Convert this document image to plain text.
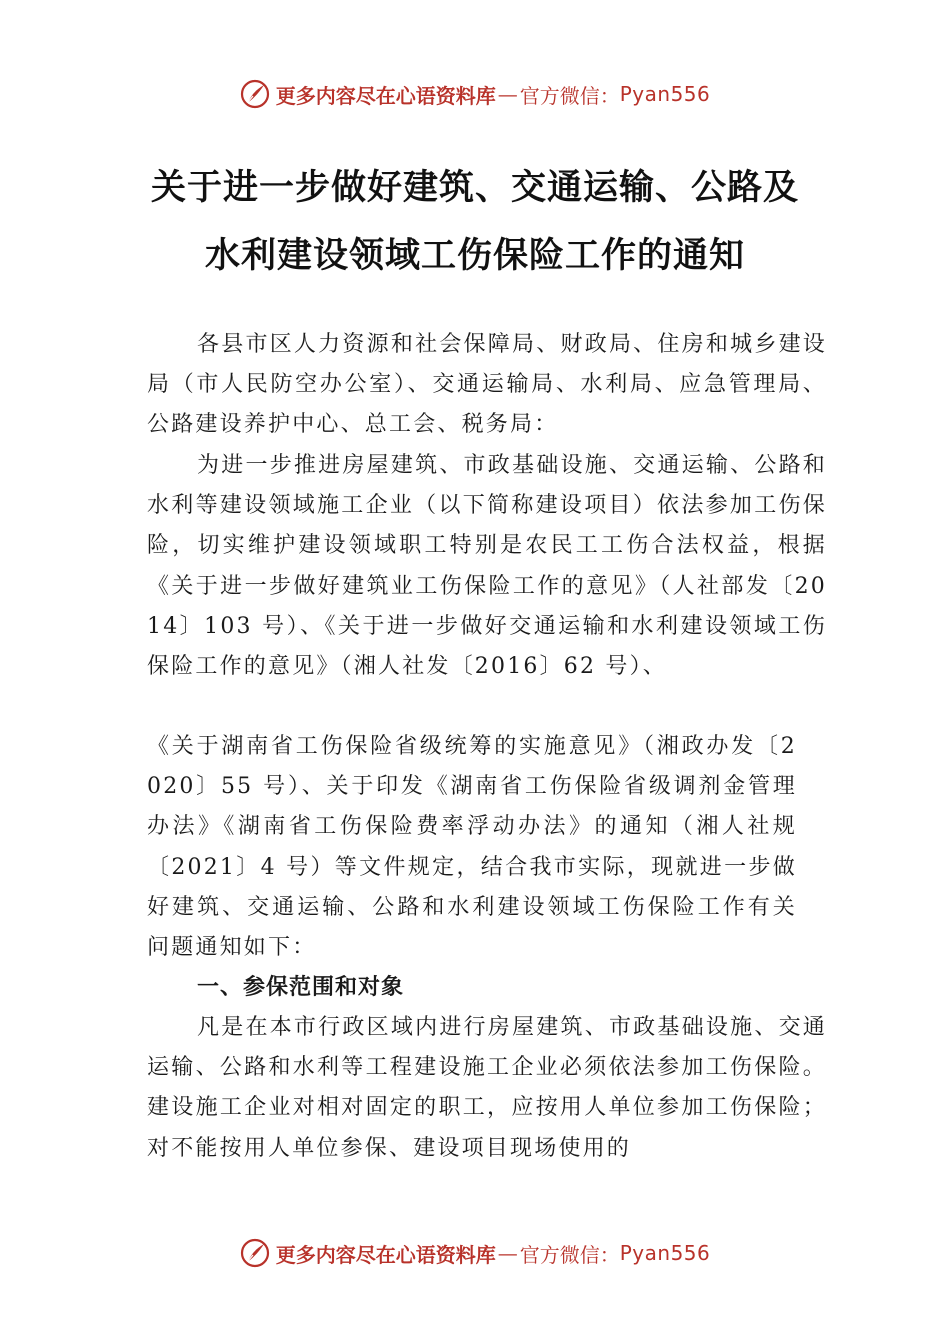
更多内容尽在心语资料库 — 官方微信： Pyan556
关于进一步做好建筑、交通运输、公路及
水利建设领域工伤保险工作的通知

各县市区人力资源和社会保障局、财政局、住房和城乡建设局（市人民防空办公室）、交通运输局、水利局、应急管理局、公路建设养护中心、总工会、税务局：

为进一步推进房屋建筑、市政基础设施、交通运输、公路和水利等建设领域施工企业（以下简称建设项目）依法参加工伤保险，切实维护建设领域职工特别是农民工工伤合法权益，根据《关于进一步做好建筑业工伤保险工作的意见》（人社部发〔2014〕103 号）、《关于进一步做好交通运输和水利建设领域工伤保险工作的意见》（湘人社发〔2016〕62 号）、

《关于湖南省工伤保险省级统筹的实施意见》（湘政办发〔2020〕55 号）、关于印发《湖南省工伤保险省级调剂金管理办法》《湖南省工伤保险费率浮动办法》的通知（湘人社规〔2021〕4 号）等文件规定，结合我市实际，现就进一步做好建筑、交通运输、公路和水利建设领域工伤保险工作有关问题通知如下：

一、参保范围和对象

凡是在本市行政区域内进行房屋建筑、市政基础设施、交通运输、公路和水利等工程建设施工企业必须依法参加工伤保险。建设施工企业对相对固定的职工，应按用人单位参加工伤保险；对不能按用人单位参保、建设项目现场使用的

更多内容尽在心语资料库 — 官方微信： Pyan556
